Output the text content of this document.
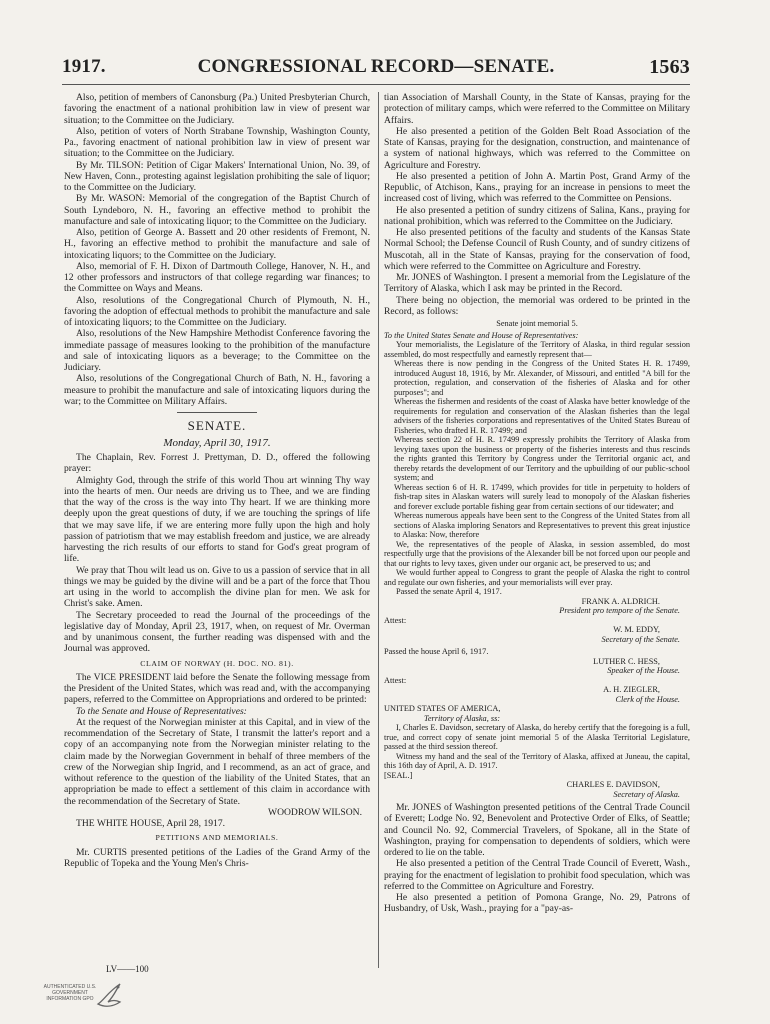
1917.	CONGRESSIONAL RECORD—SENATE.	1563

Also, petition of members of Canonsburg (Pa.) United Presbyterian Church, favoring the enactment of a national prohibition law in view of present war situation; to the Committee on the Judiciary.

Also, petition of voters of North Strabane Township, Washington County, Pa., favoring enactment of national prohibition law in view of present war situation; to the Committee on the Judiciary.

By Mr. TILSON: Petition of Cigar Makers' International Union, No. 39, of New Haven, Conn., protesting against legislation prohibiting the sale of liquor; to the Committee on the Judiciary.

By Mr. WASON: Memorial of the congregation of the Baptist Church of South Lyndeboro, N. H., favoring an effective method to prohibit the manufacture and sale of intoxicating liquor; to the Committee on the Judiciary.

Also, petition of George A. Bassett and 20 other residents of Fremont, N. H., favoring an effective method to prohibit the manufacture and sale of intoxicating liquors; to the Committee on the Judiciary.

Also, memorial of F. H. Dixon of Dartmouth College, Hanover, N. H., and 12 other professors and instructors of that college regarding war finances; to the Committee on Ways and Means.

Also, resolutions of the Congregational Church of Plymouth, N. H., favoring the adoption of effectual methods to prohibit the manufacture and sale of intoxicating liquors; to the Committee on the Judiciary.

Also, resolutions of the New Hampshire Methodist Conference favoring the immediate passage of measures looking to the prohibition of the manufacture and sale of intoxicating liquors as a beverage; to the Committee on the Judiciary.

Also, resolutions of the Congregational Church of Bath, N. H., favoring a measure to prohibit the manufacture and sale of intoxicating liquors during the war; to the Committee on Military Affairs.

SENATE.

Monday, April 30, 1917.

The Chaplain, Rev. Forrest J. Prettyman, D. D., offered the following prayer:

Almighty God, through the strife of this world Thou art winning Thy way into the hearts of men. Our needs are driving us to Thee, and we are finding that the way of the cross is the way into Thy heart. If we are thinking more deeply upon the great questions of duty, if we are touching the springs of life that we may save life, if we are entering more fully upon the high and holy passion of patriotism that we may establish freedom and justice, we are already harvesting the rich results of our efforts to stand for God's great program of life.

We pray that Thou wilt lead us on. Give to us a passion of service that in all things we may be guided by the divine will and be a part of the force that Thou art using in the world to accomplish the divine plan for men. We ask for Christ's sake. Amen.

The Secretary proceeded to read the Journal of the proceedings of the legislative day of Monday, April 23, 1917, when, on request of Mr. Overman and by unanimous consent, the further reading was dispensed with and the Journal was approved.

CLAIM OF NORWAY (H. DOC. NO. 81).

The VICE PRESIDENT laid before the Senate the following message from the President of the United States, which was read and, with the accompanying papers, referred to the Committee on Appropriations and ordered to be printed:

To the Senate and House of Representatives:

At the request of the Norwegian minister at this Capital, and in view of the recommendation of the Secretary of State, I transmit the latter's report and a copy of an accompanying note from the Norwegian minister relating to the claim made by the Norwegian Government in behalf of three members of the crew of the Norwegian ship Ingrid, and I recommend, as an act of grace, and without reference to the question of the liability of the United States, that an appropriation be made to effect a settlement of this claim in accordance with the recommendation of the Secretary of State.

WOODROW WILSON.

THE WHITE HOUSE, April 28, 1917.

PETITIONS AND MEMORIALS.

Mr. CURTIS presented petitions of the Ladies of the Grand Army of the Republic of Topeka and the Young Men's Chris-

tian Association of Marshall County, in the State of Kansas, praying for the protection of military camps, which were referred to the Committee on Military Affairs.

He also presented a petition of the Golden Belt Road Association of the State of Kansas, praying for the designation, construction, and maintenance of a system of national highways, which was referred to the Committee on Agriculture and Forestry.

He also presented a petition of John A. Martin Post, Grand Army of the Republic, of Atchison, Kans., praying for an increase in pensions to meet the increased cost of living, which was referred to the Committee on Pensions.

He also presented a petition of sundry citizens of Salina, Kans., praying for national prohibition, which was referred to the Committee on the Judiciary.

He also presented petitions of the faculty and students of the Kansas State Normal School; the Defense Council of Rush County, and of sundry citizens of Muscotah, all in the State of Kansas, praying for the conservation of food, which were referred to the Committee on Agriculture and Forestry.

Mr. JONES of Washington. I present a memorial from the Legislature of the Territory of Alaska, which I ask may be printed in the Record.

There being no objection, the memorial was ordered to be printed in the Record, as follows:

Senate joint memorial 5.

To the United States Senate and House of Representatives:

Your memorialists, the Legislature of the Territory of Alaska, in third regular session assembled, do most respectfully and earnestly represent that—

Whereas there is now pending in the Congress of the United States H. R. 17499, introduced August 18, 1916, by Mr. Alexander, of Missouri, and entitled "A bill for the protection, regulation, and conservation of the fisheries of Alaska and for other purposes"; and

Whereas the fishermen and residents of the coast of Alaska have better knowledge of the requirements for regulation and conservation of the Alaskan fisheries than the legal advisers of the fisheries corporations and representatives of the United States Bureau of Fisheries, who drafted H. R. 17499; and

Whereas section 22 of H. R. 17499 expressly prohibits the Territory of Alaska from levying taxes upon the business or property of the fisheries interests and thus rescinds the rights granted this Territory by Congress under the Territorial organic act, and thereby retards the development of our Territory and the upbuilding of our public-school system; and

Whereas section 6 of H. R. 17499, which provides for title in perpetuity to holders of fish-trap sites in Alaskan waters will surely lead to monopoly of the Alaskan fisheries and forever exclude portable fishing gear from certain sections of our tidewater; and

Whereas numerous appeals have been sent to the Congress of the United States from all sections of Alaska imploring Senators and Representatives to prevent this great injustice to Alaska: Now, therefore

We, the representatives of the people of Alaska, in session assembled, do most respectfully urge that the provisions of the Alexander bill be not forced upon our people and that our rights to levy taxes, given under our organic act, be preserved to us; and

We would further appeal to Congress to grant the people of Alaska the right to control and regulate our own fisheries, and your memorialists will ever pray.

Passed the senate April 4, 1917.

FRANK A. ALDRICH.

President pro tempore of the Senate.

Attest:

W. M. EDDY,

Secretary of the Senate.

Passed the house April 6, 1917.

LUTHER C. HESS,

Speaker of the House.

Attest:

A. H. ZIEGLER,

Clerk of the House.

UNITED STATES OF AMERICA,

Territory of Alaska, ss:

I, Charles E. Davidson, secretary of Alaska, do hereby certify that the foregoing is a full, true, and correct copy of senate joint memorial 5 of the Alaska Territorial Legislature, passed at the third session thereof.

Witness my hand and the seal of the Territory of Alaska, affixed at Juneau, the capital, this 16th day of April, A. D. 1917.

[SEAL.]

CHARLES E. DAVIDSON,

Secretary of Alaska.

Mr. JONES of Washington presented petitions of the Central Trade Council of Everett; Lodge No. 92, Benevolent and Protective Order of Elks, of Seattle; and Council No. 92, Commercial Travelers, of Spokane, all in the State of Washington, praying for compensation to dependents of soldiers, which were ordered to lie on the table.

He also presented a petition of the Central Trade Council of Everett, Wash., praying for the enactment of legislation to prohibit food speculation, which was referred to the Committee on Agriculture and Forestry.

He also presented a petition of Pomona Grange, No. 29, Patrons of Husbandry, of Usk, Wash., praying for a "pay-as-

LV——100
AUTHENTICATED U.S. GOVERNMENT INFORMATION GPO
